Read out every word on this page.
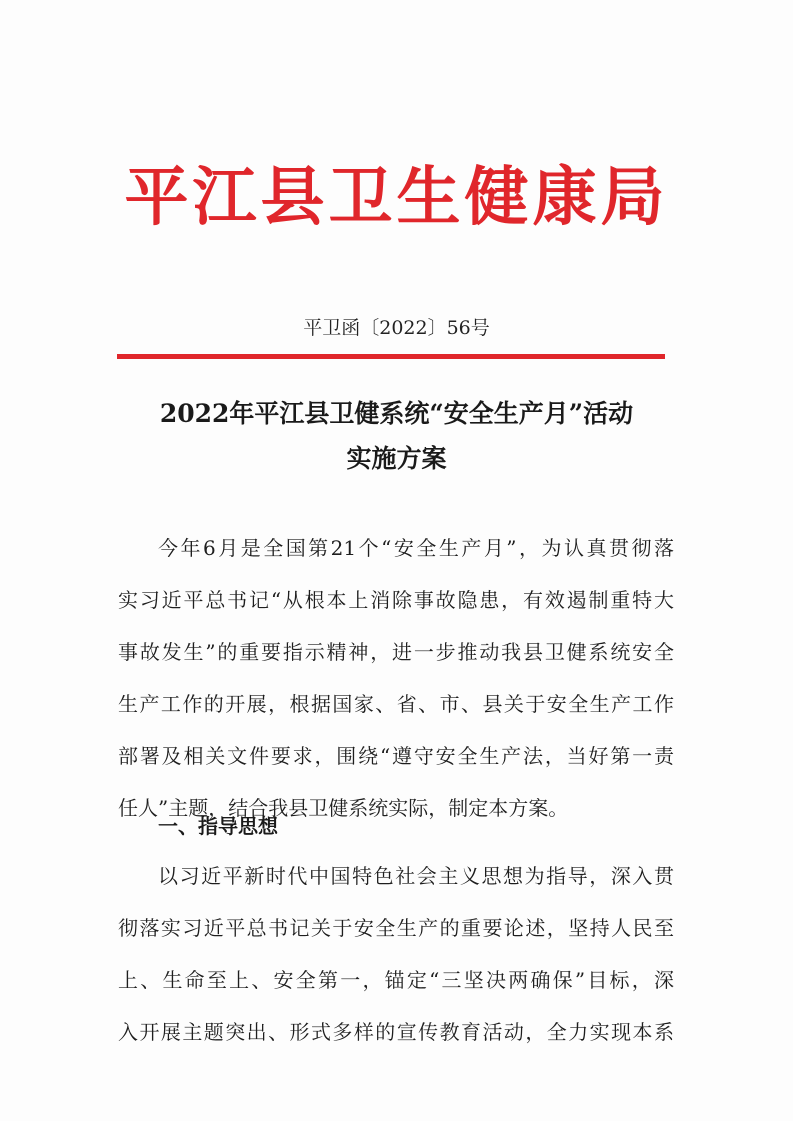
平江县卫生健康局
平卫函〔2022〕56号
2022年平江县卫健系统“安全生产月”活动
实施方案
今年6月是全国第21个“安全生产月”，为认真贯彻落
实习近平总书记“从根本上消除事故隐患，有效遏制重特大
事故发生”的重要指示精神，进一步推动我县卫健系统安全
生产工作的开展，根据国家、省、市、县关于安全生产工作
部署及相关文件要求，围绕“遵守安全生产法，当好第一责
任人”主题，结合我县卫健系统实际，制定本方案。
一、指导思想
以习近平新时代中国特色社会主义思想为指导，深入贯
彻落实习近平总书记关于安全生产的重要论述，坚持人民至
上、生命至上、安全第一，锚定“三坚决两确保”目标，深
入开展主题突出、形式多样的宣传教育活动，全力实现本系
